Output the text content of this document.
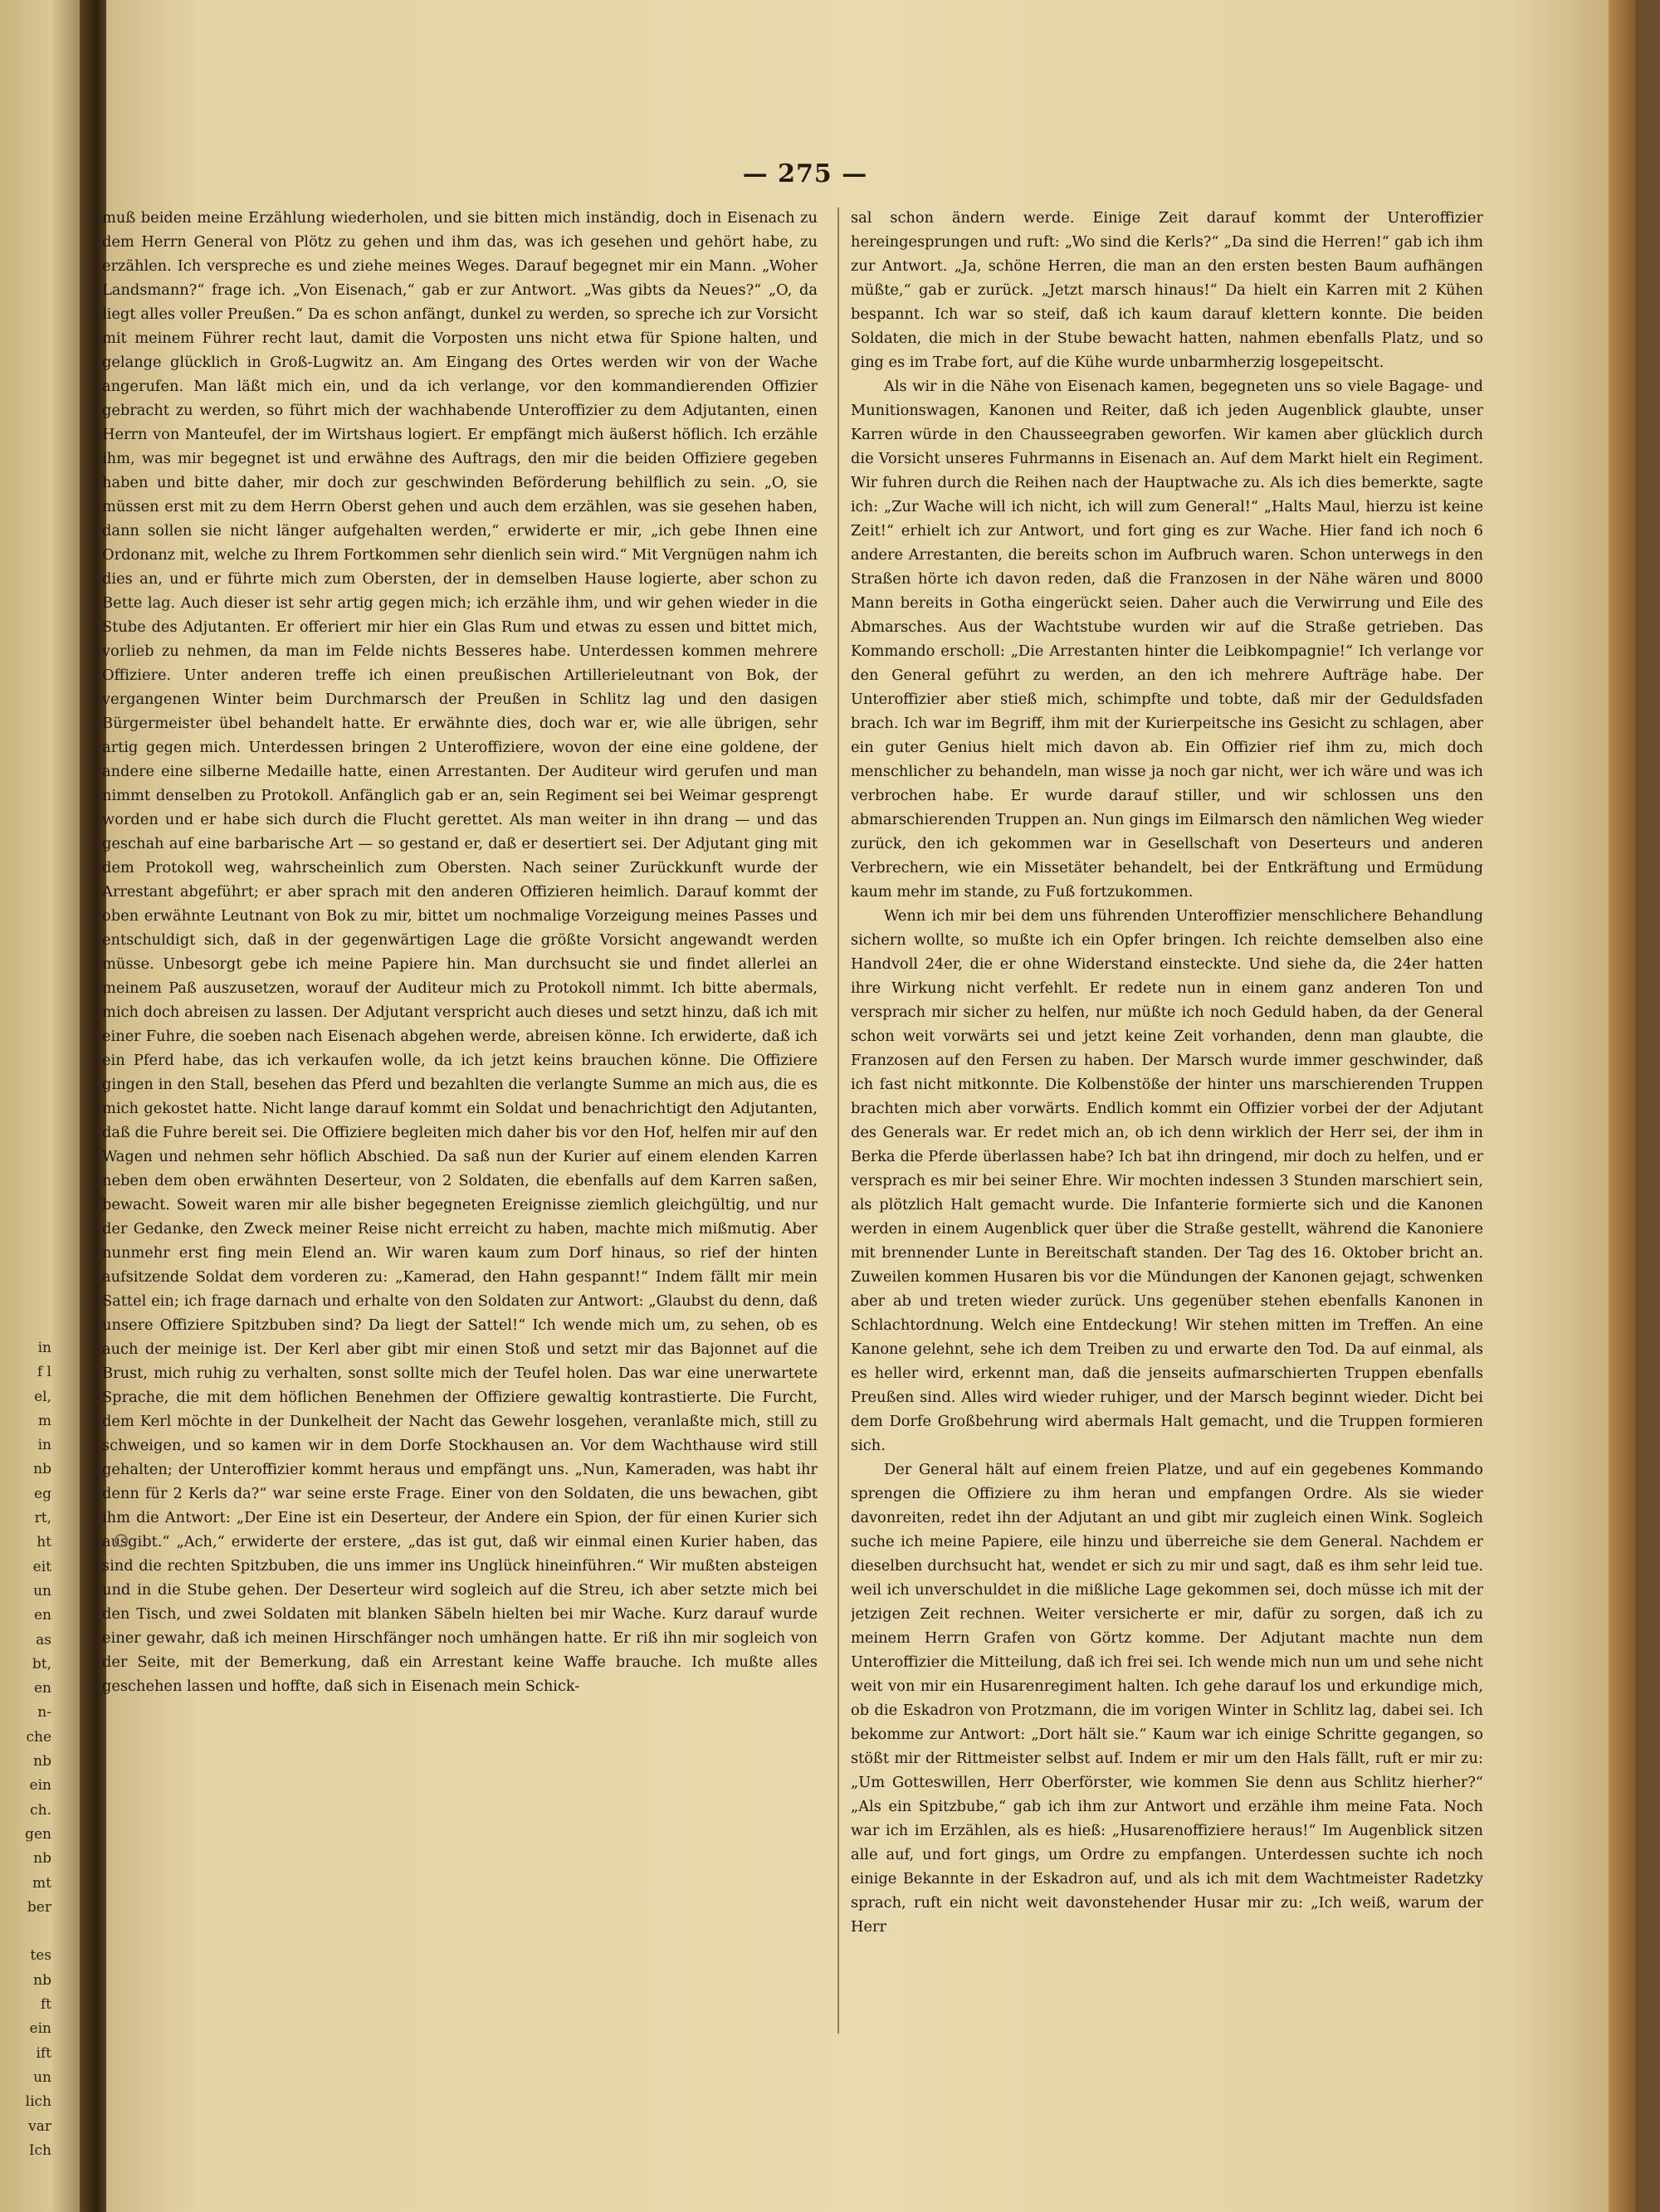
in
f l
el,
m
in
nb
eg
rt,
ht
eit
un
en
as
bt,
en
n-
che
nb
ein
ch.
gen
nb
mt
ber

tes
nb
ft
ein
ift
un
lich
var
Ich
— 275 —

muß beiden meine Erzählung wiederholen, und sie bitten mich inständig, doch in Eisenach zu dem Herrn General von Plötz zu gehen und ihm das, was ich gesehen und gehört habe, zu erzählen. Ich verspreche es und ziehe meines Weges. Darauf begegnet mir ein Mann. „Woher Landsmann?“ frage ich. „Von Eisenach,“ gab er zur Antwort. „Was gibts da Neues?“ „O, da liegt alles voller Preußen.“ Da es schon anfängt, dunkel zu werden, so spreche ich zur Vorsicht mit meinem Führer recht laut, damit die Vorposten uns nicht etwa für Spione halten, und gelange glücklich in Groß-Lugwitz an. Am Eingang des Ortes werden wir von der Wache angerufen. Man läßt mich ein, und da ich verlange, vor den kommandierenden Offizier gebracht zu werden, so führt mich der wachhabende Unteroffizier zu dem Adjutanten, einen Herrn von Manteufel, der im Wirtshaus logiert. Er empfängt mich äußerst höflich. Ich erzähle ihm, was mir begegnet ist und erwähne des Auftrags, den mir die beiden Offiziere gegeben haben und bitte daher, mir doch zur geschwinden Beförderung behilflich zu sein. „O, sie müssen erst mit zu dem Herrn Oberst gehen und auch dem erzählen, was sie gesehen haben, dann sollen sie nicht länger aufgehalten werden,“ erwiderte er mir, „ich gebe Ihnen eine Ordonanz mit, welche zu Ihrem Fortkommen sehr dienlich sein wird.“ Mit Vergnügen nahm ich dies an, und er führte mich zum Obersten, der in demselben Hause logierte, aber schon zu Bette lag. Auch dieser ist sehr artig gegen mich; ich erzähle ihm, und wir gehen wieder in die Stube des Adjutanten. Er offeriert mir hier ein Glas Rum und etwas zu essen und bittet mich, vorlieb zu nehmen, da man im Felde nichts Besseres habe. Unterdessen kommen mehrere Offiziere. Unter anderen treffe ich einen preußischen Artillerieleutnant von Bok, der vergangenen Winter beim Durchmarsch der Preußen in Schlitz lag und den dasigen Bürgermeister übel behandelt hatte. Er erwähnte dies, doch war er, wie alle übrigen, sehr artig gegen mich. Unterdessen bringen 2 Unteroffiziere, wovon der eine eine goldene, der andere eine silberne Medaille hatte, einen Arrestanten. Der Auditeur wird gerufen und man nimmt denselben zu Protokoll. Anfänglich gab er an, sein Regiment sei bei Weimar gesprengt worden und er habe sich durch die Flucht gerettet. Als man weiter in ihn drang — und das geschah auf eine barbarische Art — so gestand er, daß er desertiert sei. Der Adjutant ging mit dem Protokoll weg, wahrscheinlich zum Obersten. Nach seiner Zurückkunft wurde der Arrestant abgeführt; er aber sprach mit den anderen Offizieren heimlich. Darauf kommt der oben erwähnte Leutnant von Bok zu mir, bittet um nochmalige Vorzeigung meines Passes und entschuldigt sich, daß in der gegenwärtigen Lage die größte Vorsicht angewandt werden müsse. Unbesorgt gebe ich meine Papiere hin. Man durchsucht sie und findet allerlei an meinem Paß auszusetzen, worauf der Auditeur mich zu Protokoll nimmt. Ich bitte abermals, mich doch abreisen zu lassen. Der Adjutant verspricht auch dieses und setzt hinzu, daß ich mit einer Fuhre, die soeben nach Eisenach abgehen werde, abreisen könne. Ich erwiderte, daß ich ein Pferd habe, das ich verkaufen wolle, da ich jetzt keins brauchen könne. Die Offiziere gingen in den Stall, besehen das Pferd und bezahlten die verlangte Summe an mich aus, die es mich gekostet hatte. Nicht lange darauf kommt ein Soldat und benachrichtigt den Adjutanten, daß die Fuhre bereit sei. Die Offiziere begleiten mich daher bis vor den Hof, helfen mir auf den Wagen und nehmen sehr höflich Abschied. Da saß nun der Kurier auf einem elenden Karren neben dem oben erwähnten Deserteur, von 2 Soldaten, die ebenfalls auf dem Karren saßen, bewacht. Soweit waren mir alle bisher begegneten Ereignisse ziemlich gleichgültig, und nur der Gedanke, den Zweck meiner Reise nicht erreicht zu haben, machte mich mißmutig. Aber nunmehr erst fing mein Elend an. Wir waren kaum zum Dorf hinaus, so rief der hinten aufsitzende Soldat dem vorderen zu: „Kamerad, den Hahn gespannt!“ Indem fällt mir mein Sattel ein; ich frage darnach und erhalte von den Soldaten zur Antwort: „Glaubst du denn, daß unsere Offiziere Spitzbuben sind? Da liegt der Sattel!“ Ich wende mich um, zu sehen, ob es auch der meinige ist. Der Kerl aber gibt mir einen Stoß und setzt mir das Bajonnet auf die Brust, mich ruhig zu verhalten, sonst sollte mich der Teufel holen. Das war eine unerwartete Sprache, die mit dem höflichen Benehmen der Offiziere gewaltig kontrastierte. Die Furcht, dem Kerl möchte in der Dunkelheit der Nacht das Gewehr losgehen, veranlaßte mich, still zu schweigen, und so kamen wir in dem Dorfe Stockhausen an. Vor dem Wachthause wird still gehalten; der Unteroffizier kommt heraus und empfängt uns. „Nun, Kameraden, was habt ihr denn für 2 Kerls da?“ war seine erste Frage. Einer von den Soldaten, die uns bewachen, gibt ihm die Antwort: „Der Eine ist ein Deserteur, der Andere ein Spion, der für einen Kurier sich ausgibt.“ „Ach,“ erwiderte der erstere, „das ist gut, daß wir einmal einen Kurier haben, das sind die rechten Spitzbuben, die uns immer ins Unglück hineinführen.“ Wir mußten absteigen und in die Stube gehen. Der Deserteur wird sogleich auf die Streu, ich aber setzte mich bei den Tisch, und zwei Soldaten mit blanken Säbeln hielten bei mir Wache. Kurz darauf wurde einer gewahr, daß ich meinen Hirschfänger noch umhängen hatte. Er riß ihn mir sogleich von der Seite, mit der Bemerkung, daß ein Arrestant keine Waffe brauche. Ich mußte alles geschehen lassen und hoffte, daß sich in Eisenach mein Schick-

sal schon ändern werde. Einige Zeit darauf kommt der Unteroffizier hereingesprungen und ruft: „Wo sind die Kerls?“ „Da sind die Herren!“ gab ich ihm zur Antwort. „Ja, schöne Herren, die man an den ersten besten Baum aufhängen müßte,“ gab er zurück. „Jetzt marsch hinaus!“ Da hielt ein Karren mit 2 Kühen bespannt. Ich war so steif, daß ich kaum darauf klettern konnte. Die beiden Soldaten, die mich in der Stube bewacht hatten, nahmen ebenfalls Platz, und so ging es im Trabe fort, auf die Kühe wurde unbarmherzig losgepeitscht.

Als wir in die Nähe von Eisenach kamen, begegneten uns so viele Bagage- und Munitionswagen, Kanonen und Reiter, daß ich jeden Augenblick glaubte, unser Karren würde in den Chausseegraben geworfen. Wir kamen aber glücklich durch die Vorsicht unseres Fuhrmanns in Eisenach an. Auf dem Markt hielt ein Regiment. Wir fuhren durch die Reihen nach der Hauptwache zu. Als ich dies bemerkte, sagte ich: „Zur Wache will ich nicht, ich will zum General!“ „Halts Maul, hierzu ist keine Zeit!“ erhielt ich zur Antwort, und fort ging es zur Wache. Hier fand ich noch 6 andere Arrestanten, die bereits schon im Aufbruch waren. Schon unterwegs in den Straßen hörte ich davon reden, daß die Franzosen in der Nähe wären und 8000 Mann bereits in Gotha eingerückt seien. Daher auch die Verwirrung und Eile des Abmarsches. Aus der Wachtstube wurden wir auf die Straße getrieben. Das Kommando erscholl: „Die Arrestanten hinter die Leibkompagnie!“ Ich verlange vor den General geführt zu werden, an den ich mehrere Aufträge habe. Der Unteroffizier aber stieß mich, schimpfte und tobte, daß mir der Geduldsfaden brach. Ich war im Begriff, ihm mit der Kurierpeitsche ins Gesicht zu schlagen, aber ein guter Genius hielt mich davon ab. Ein Offizier rief ihm zu, mich doch menschlicher zu behandeln, man wisse ja noch gar nicht, wer ich wäre und was ich verbrochen habe. Er wurde darauf stiller, und wir schlossen uns den abmarschierenden Truppen an. Nun gings im Eilmarsch den nämlichen Weg wieder zurück, den ich gekommen war in Gesellschaft von Deserteurs und anderen Verbrechern, wie ein Missetäter behandelt, bei der Entkräftung und Ermüdung kaum mehr im stande, zu Fuß fortzukommen.

Wenn ich mir bei dem uns führenden Unteroffizier menschlichere Behandlung sichern wollte, so mußte ich ein Opfer bringen. Ich reichte demselben also eine Handvoll 24er, die er ohne Widerstand einsteckte. Und siehe da, die 24er hatten ihre Wirkung nicht verfehlt. Er redete nun in einem ganz anderen Ton und versprach mir sicher zu helfen, nur müßte ich noch Geduld haben, da der General schon weit vorwärts sei und jetzt keine Zeit vorhanden, denn man glaubte, die Franzosen auf den Fersen zu haben. Der Marsch wurde immer geschwinder, daß ich fast nicht mitkonnte. Die Kolbenstöße der hinter uns marschierenden Truppen brachten mich aber vorwärts. Endlich kommt ein Offizier vorbei der der Adjutant des Generals war. Er redet mich an, ob ich denn wirklich der Herr sei, der ihm in Berka die Pferde überlassen habe? Ich bat ihn dringend, mir doch zu helfen, und er versprach es mir bei seiner Ehre. Wir mochten indessen 3 Stunden marschiert sein, als plötzlich Halt gemacht wurde. Die Infanterie formierte sich und die Kanonen werden in einem Augenblick quer über die Straße gestellt, während die Kanoniere mit brennender Lunte in Bereitschaft standen. Der Tag des 16. Oktober bricht an. Zuweilen kommen Husaren bis vor die Mündungen der Kanonen gejagt, schwenken aber ab und treten wieder zurück. Uns gegenüber stehen ebenfalls Kanonen in Schlachtordnung. Welch eine Entdeckung! Wir stehen mitten im Treffen. An eine Kanone gelehnt, sehe ich dem Treiben zu und erwarte den Tod. Da auf einmal, als es heller wird, erkennt man, daß die jenseits aufmarschierten Truppen ebenfalls Preußen sind. Alles wird wieder ruhiger, und der Marsch beginnt wieder. Dicht bei dem Dorfe Großbehrung wird abermals Halt gemacht, und die Truppen formieren sich.

Der General hält auf einem freien Platze, und auf ein gegebenes Kommando sprengen die Offiziere zu ihm heran und empfangen Ordre. Als sie wieder davonreiten, redet ihn der Adjutant an und gibt mir zugleich einen Wink. Sogleich suche ich meine Papiere, eile hinzu und überreiche sie dem General. Nachdem er dieselben durchsucht hat, wendet er sich zu mir und sagt, daß es ihm sehr leid tue. weil ich unverschuldet in die mißliche Lage gekommen sei, doch müsse ich mit der jetzigen Zeit rechnen. Weiter versicherte er mir, dafür zu sorgen, daß ich zu meinem Herrn Grafen von Görtz komme. Der Adjutant machte nun dem Unteroffizier die Mitteilung, daß ich frei sei. Ich wende mich nun um und sehe nicht weit von mir ein Husarenregiment halten. Ich gehe darauf los und erkundige mich, ob die Eskadron von Protzmann, die im vorigen Winter in Schlitz lag, dabei sei. Ich bekomme zur Antwort: „Dort hält sie.“ Kaum war ich einige Schritte gegangen, so stößt mir der Rittmeister selbst auf. Indem er mir um den Hals fällt, ruft er mir zu: „Um Gotteswillen, Herr Oberförster, wie kommen Sie denn aus Schlitz hierher?“ „Als ein Spitzbube,“ gab ich ihm zur Antwort und erzähle ihm meine Fata. Noch war ich im Erzählen, als es hieß: „Husarenoffiziere heraus!“ Im Augenblick sitzen alle auf, und fort gings, um Ordre zu empfangen. Unterdessen suchte ich noch einige Bekannte in der Eskadron auf, und als ich mit dem Wachtmeister Radetzky sprach, ruft ein nicht weit davonstehender Husar mir zu: „Ich weiß, warum der Herr
